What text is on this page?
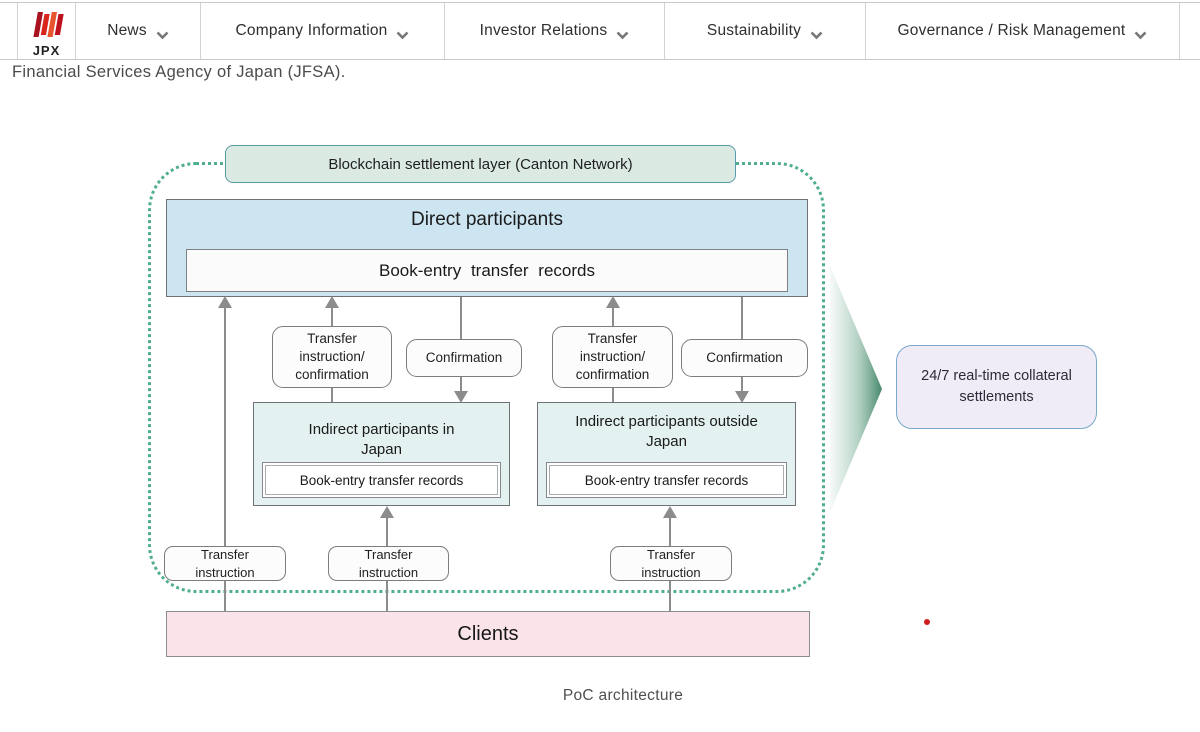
JPX
News	Company Information	Investor Relations	Sustainability	Governance / Risk Management
Financial Services Agency of Japan (JFSA).
Blockchain settlement layer (Canton Network)
Direct participants
Book-entry transfer records
Transfer instruction/ confirmation
Confirmation
Transfer instruction/ confirmation
Confirmation
Indirect participants in Japan
Book-entry transfer records
Indirect participants outside Japan
Book-entry transfer records
Transfer instruction
Transfer instruction
Transfer instruction
Clients
24/7 real-time collateral settlements
PoC architecture
